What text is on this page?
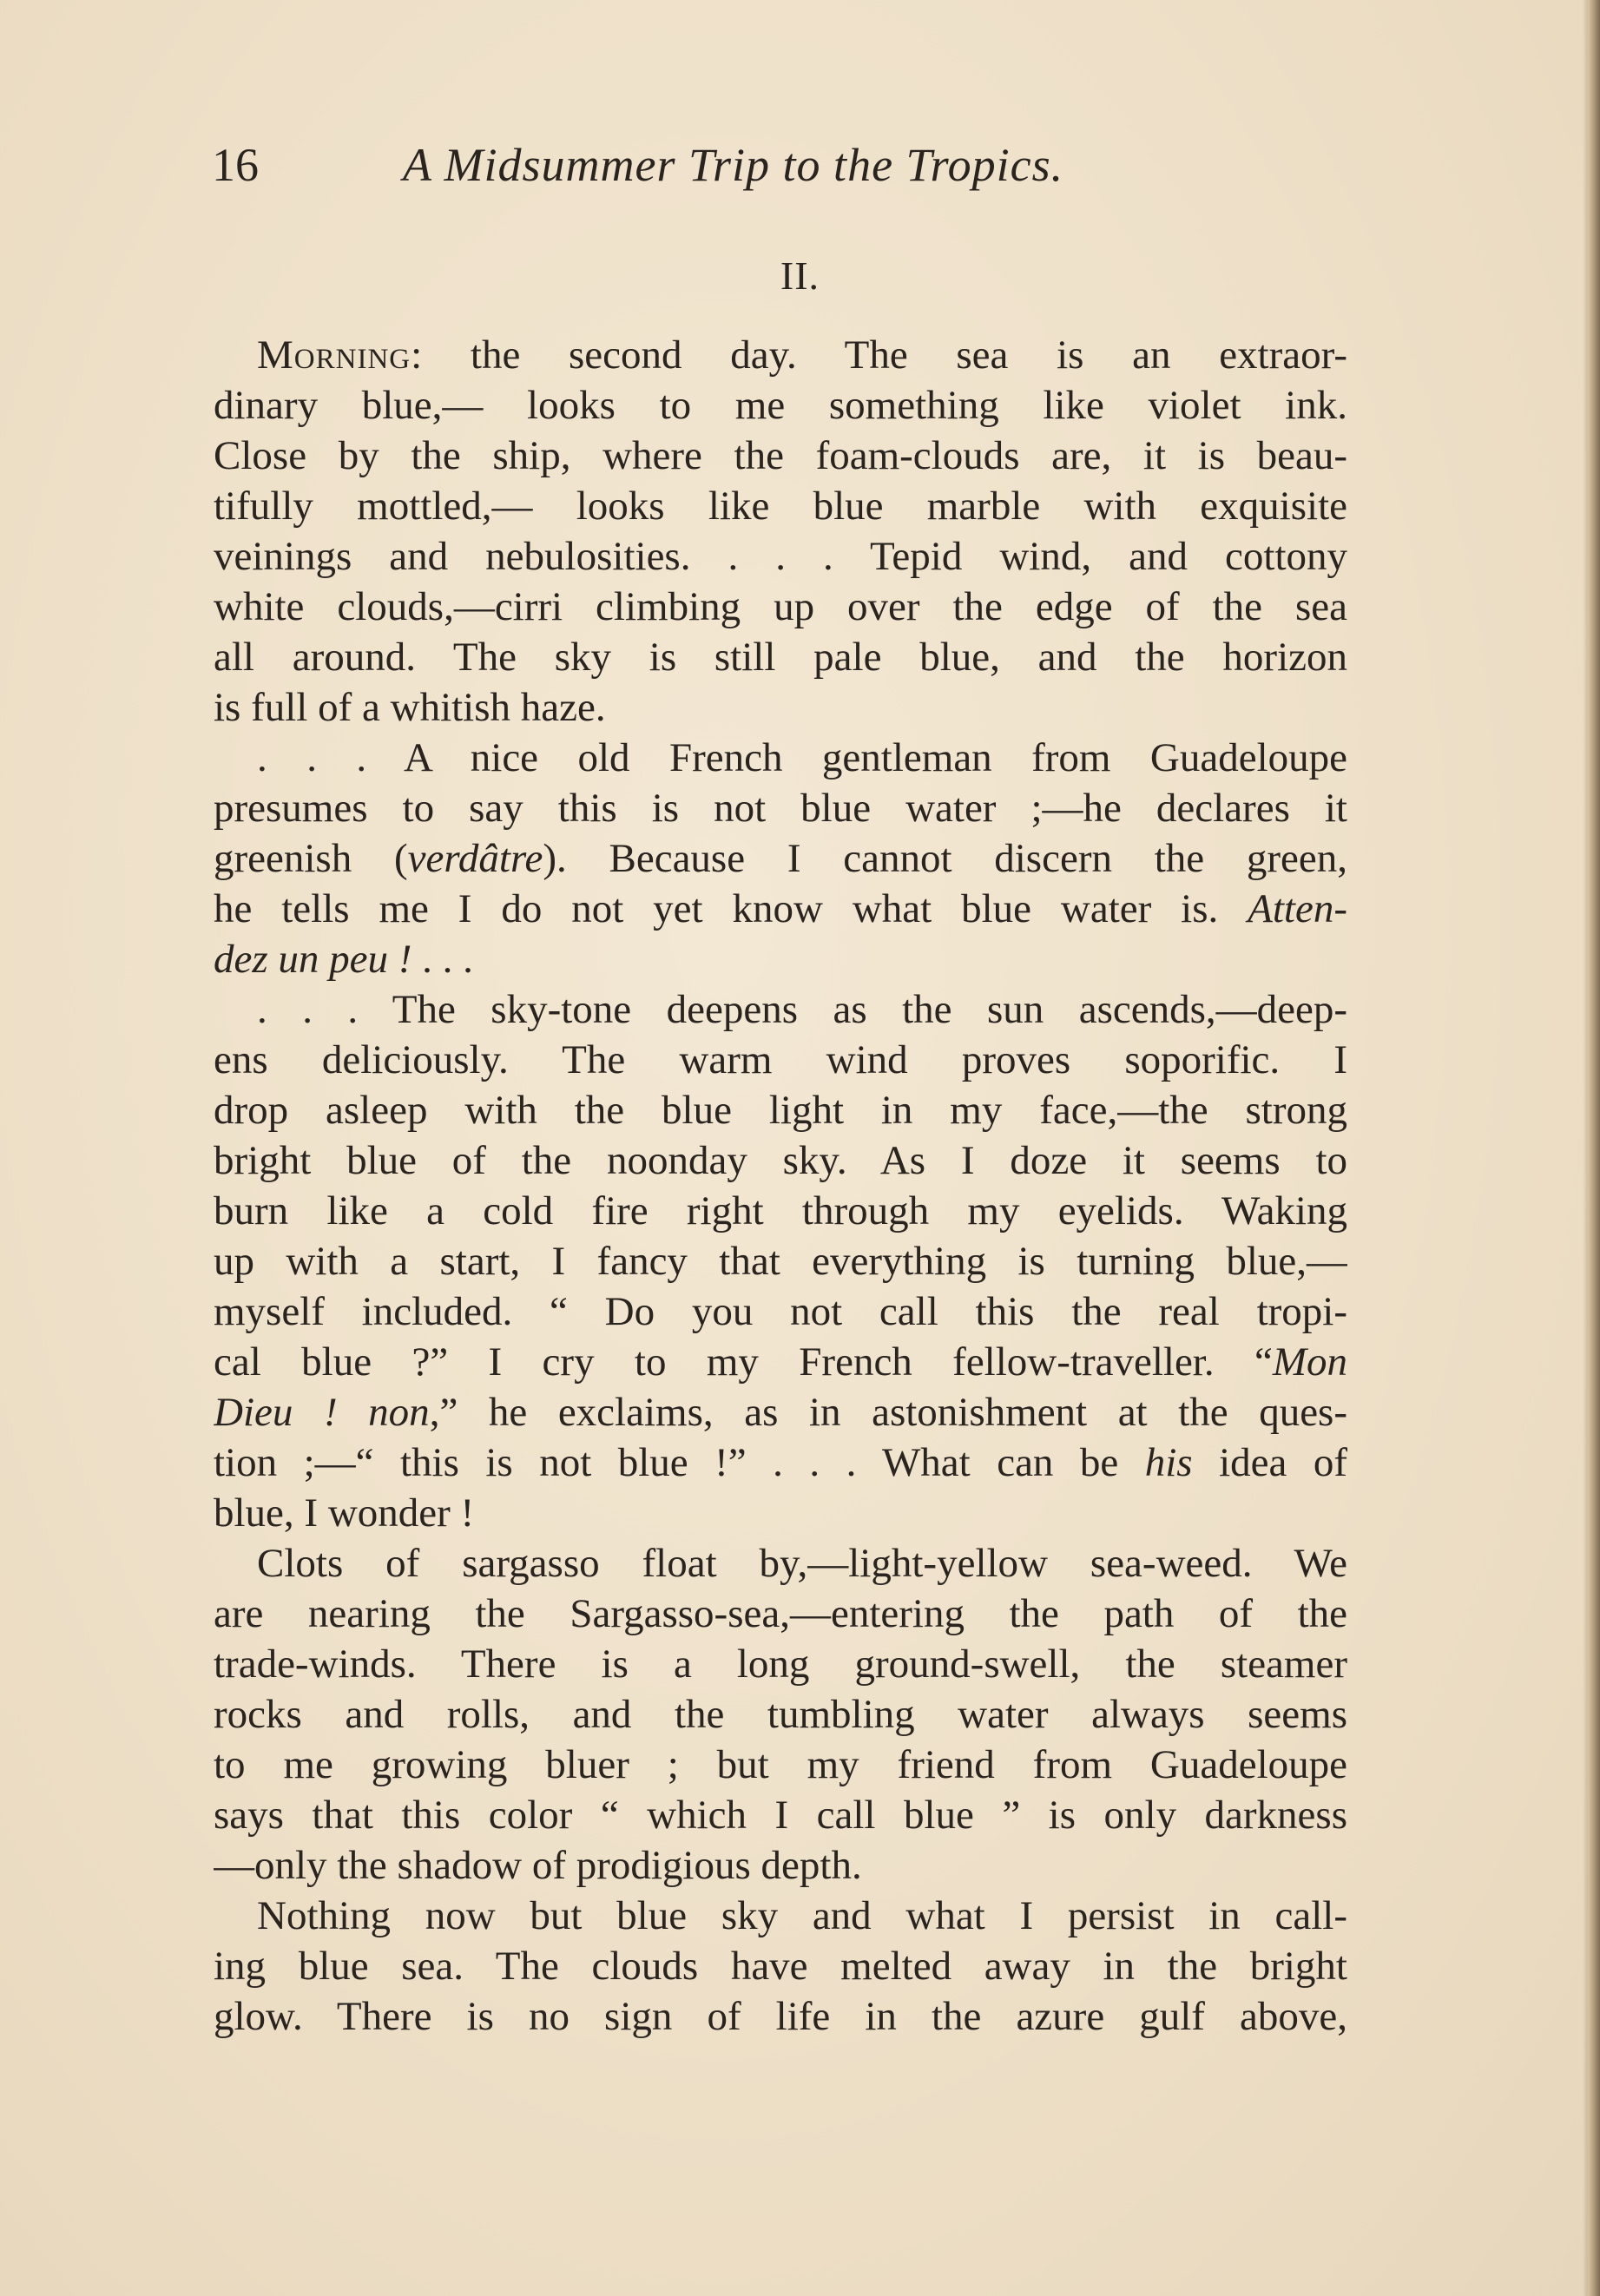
16	A Midsummer Trip to the Tropics.
II.
Morning: the second day. The sea is an extraor-
dinary blue,— looks to me something like violet ink.
Close by the ship, where the foam-clouds are, it is beau-
tifully mottled,— looks like blue marble with exquisite
veinings and nebulosities. . . . Tepid wind, and cottony
white clouds,—cirri climbing up over the edge of the sea
all around. The sky is still pale blue, and the horizon
is full of a whitish haze.
. . . A nice old French gentleman from Guadeloupe
presumes to say this is not blue water ;—he declares it
greenish (verdâtre). Because I cannot discern the green,
he tells me I do not yet know what blue water is. Atten-
dez un peu ! . . .
. . . The sky-tone deepens as the sun ascends,—deep-
ens deliciously. The warm wind proves soporific. I
drop asleep with the blue light in my face,—the strong
bright blue of the noonday sky. As I doze it seems to
burn like a cold fire right through my eyelids. Waking
up with a start, I fancy that everything is turning blue,—
myself included. “ Do you not call this the real tropi-
cal blue ?” I cry to my French fellow-traveller. “Mon
Dieu ! non,” he exclaims, as in astonishment at the ques-
tion ;—“ this is not blue !” . . . What can be his idea of
blue, I wonder !
Clots of sargasso float by,—light-yellow sea-weed. We
are nearing the Sargasso-sea,—entering the path of the
trade-winds. There is a long ground-swell, the steamer
rocks and rolls, and the tumbling water always seems
to me growing bluer ; but my friend from Guadeloupe
says that this color “ which I call blue ” is only darkness
—only the shadow of prodigious depth.
Nothing now but blue sky and what I persist in call-
ing blue sea. The clouds have melted away in the bright
glow. There is no sign of life in the azure gulf above,
